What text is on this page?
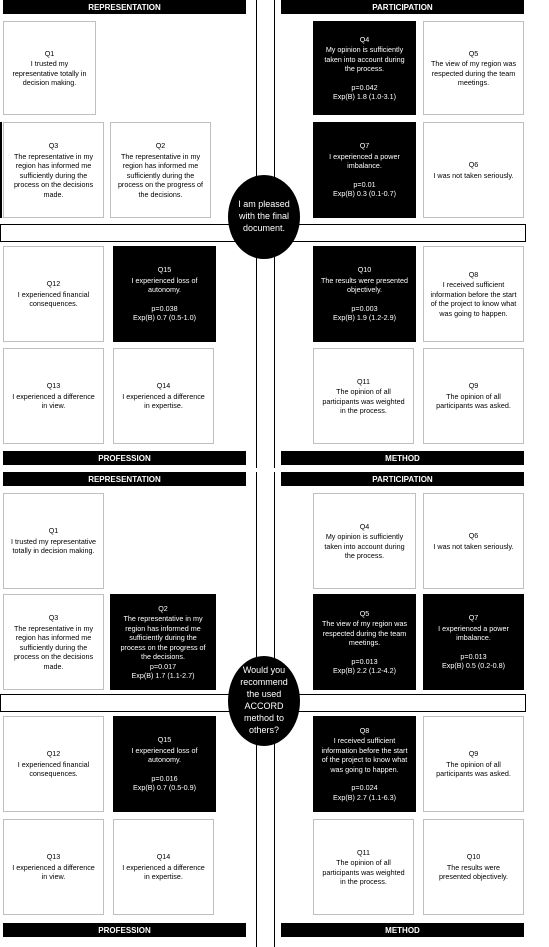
REPRESENTATION	PARTICIPATION
Q1
I trusted my representative totally in decision making.
Q4
My opinion is sufficiently taken into account during the process.
p=0.042
Exp(B) 1.8 (1.0-3.1)
Q5
The view of my region was respected during the team meetings.
Q3
The representative in my region has informed me sufficiently during the process on the decisions made.
Q2
The representative in my region has informed me sufficiently during the process on the progress of the decisions.
Q7
I experienced a power imbalance.
p=0.01
Exp(B) 0.3 (0.1-0.7)
Q6
I was not taken seriously.
Q12
I experienced financial consequences.
Q15
I experienced loss of autonomy.
p=0.038
Exp(B) 0.7 (0.5-1.0)
Q10
The results were presented objectively.
p=0.003
Exp(B) 1.9 (1.2-2.9)
Q8
I received sufficient information before the start of the project to know what was going to happen.
Q13
I experienced a difference in view.
Q14
I experienced a difference in expertise.
Q11
The opinion of all participants was weighted in the process.
Q9
The opinion of all participants was asked.
I am pleased with the final document.
PROFESSION	METHOD
REPRESENTATION	PARTICIPATION
Q1
I trusted my representative totally in decision making.
Q4
My opinion is sufficiently taken into account during the process.
Q6
I was not taken seriously.
Q3
The representative in my region has informed me sufficiently during the process on the decisions made.
Q2
The representative in my region has informed me sufficiently during the process on the progress of the decisions.
p=0.017
Exp(B) 1.7 (1.1-2.7)
Q5
The view of my region was respected during the team meetings.
p=0.013
Exp(B) 2.2 (1.2-4.2)
Q7
I experienced a power imbalance.
p=0.013
Exp(B) 0.5 (0.2-0.8)
Q12
I experienced financial consequences.
Q15
I experienced loss of autonomy.
p=0.016
Exp(B) 0.7 (0.5-0.9)
Q8
I received sufficient information before the start of the project to know what was going to happen.
p=0.024
Exp(B) 2.7 (1.1-6.3)
Q9
The opinion of all participants was asked.
Q13
I experienced a difference in view.
Q14
I experienced a difference in expertise.
Q11
The opinion of all participants was weighted in the process.
Q10
The results were presented objectively.
Would you recommend the used ACCORD method to others?
PROFESSION	METHOD
